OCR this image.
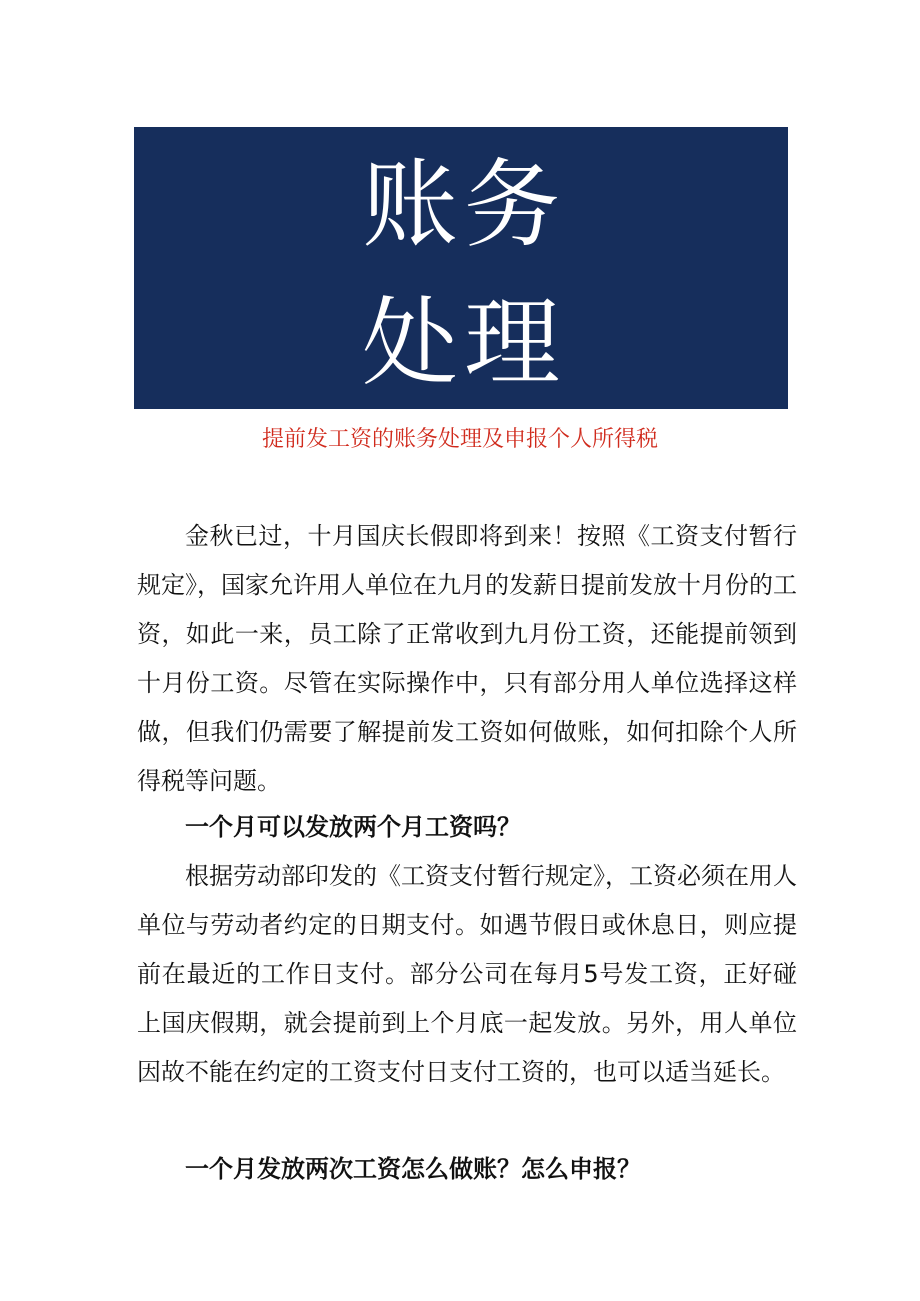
账务
处理
提前发工资的账务处理及申报个人所得税

金秋已过，十月国庆长假即将到来！按照《工资支付暂行规定》，国家允许用人单位在九月的发薪日提前发放十月份的工资，如此一来，员工除了正常收到九月份工资，还能提前领到十月份工资。尽管在实际操作中，只有部分用人单位选择这样做，但我们仍需要了解提前发工资如何做账，如何扣除个人所得税等问题。

一个月可以发放两个月工资吗？

根据劳动部印发的《工资支付暂行规定》，工资必须在用人单位与劳动者约定的日期支付。如遇节假日或休息日，则应提前在最近的工作日支付。部分公司在每月5号发工资，正好碰上国庆假期，就会提前到上个月底一起发放。另外，用人单位因故不能在约定的工资支付日支付工资的，也可以适当延长。

一个月发放两次工资怎么做账？怎么申报？
